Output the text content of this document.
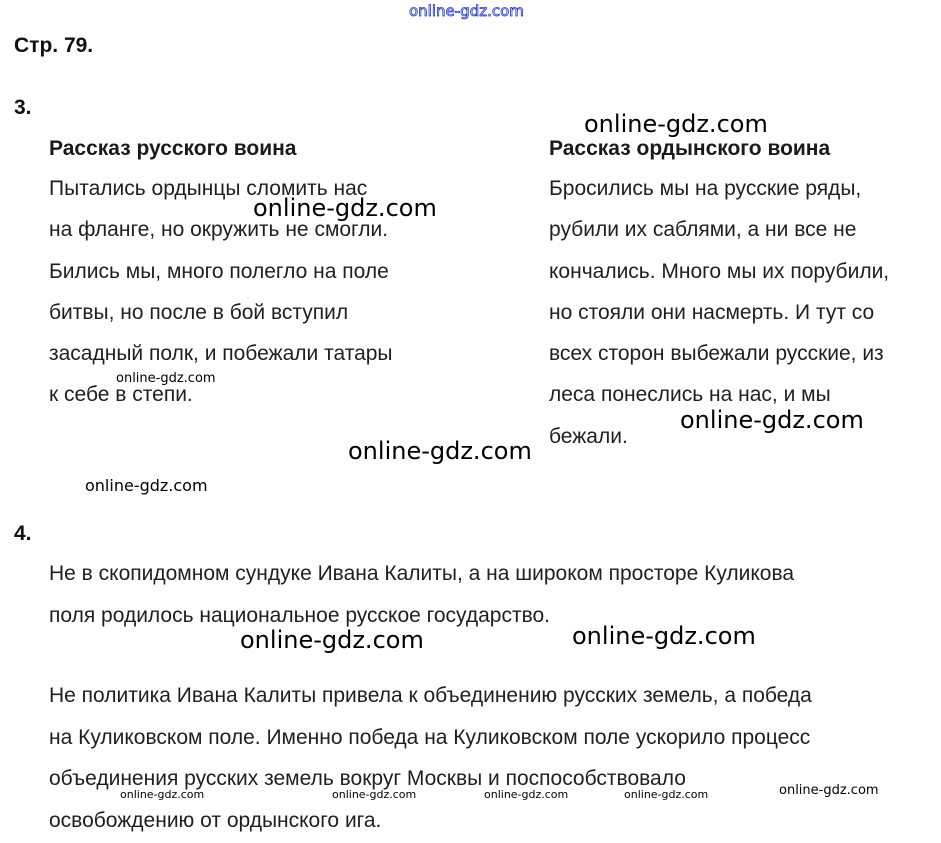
Стр. 79.
3.
Рассказ русского воина
Пытались ордынцы сломить нас
на фланге, но окружить не смогли.
Бились мы, много полегло на поле
битвы, но после в бой вступил
засадный полк, и побежали татары
к себе в степи.
Рассказ ордынского воина
Бросились мы на русские ряды,
рубили их саблями, а ни все не
кончались. Много мы их порубили,
но стояли они насмерть. И тут со
всех сторон выбежали русские, из
леса понеслись на нас, и мы
бежали.
4.
Не в скопидомном сундуке Ивана Калиты, а на широком просторе Куликова
поля родилось национальное русское государство.
Не политика Ивана Калиты привела к объединению русских земель, а победа
на Куликовском поле. Именно победа на Куликовском поле ускорило процесс
объединения русских земель вокруг Москвы и поспособствовало
освобождению от ордынского ига.
online-gdz.com
online-gdz.com
online-gdz.com
online-gdz.com
online-gdz.com
online-gdz.com
online-gdz.com
online-gdz.com	online-gdz.com
online-gdz.com	online-gdz.com	online-gdz.com	online-gdz.com	online-gdz.com
